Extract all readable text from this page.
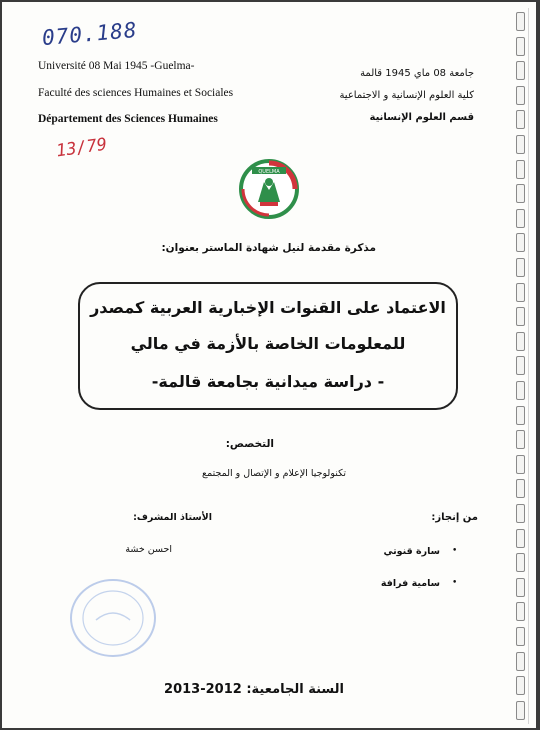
070.188
13/79
Université 08 Mai 1945 -Guelma-
Faculté des sciences Humaines et Sociales
Département des Sciences Humaines
جامعة 08 ماي 1945 قالمة
كلية العلوم الإنسانية و الاجتماعية
قسم العلوم الإنسانية
QUELMA
مذكرة مقدمة لنيل شهادة الماستر بعنوان:
الاعتماد على القنوات الإخبارية العربية كمصدر
للمعلومات الخاصة بالأزمة في مالي
- دراسة ميدانية بجامعة قالمة-
التخصص:
تكنولوجيا الإعلام و الإتصال و المجتمع
الأستاذ المشرف:
احسن خشة
من إنجاز:
•
سارة قنوتي
•
سامية فرافة
السنة الجامعية: 2012-2013
